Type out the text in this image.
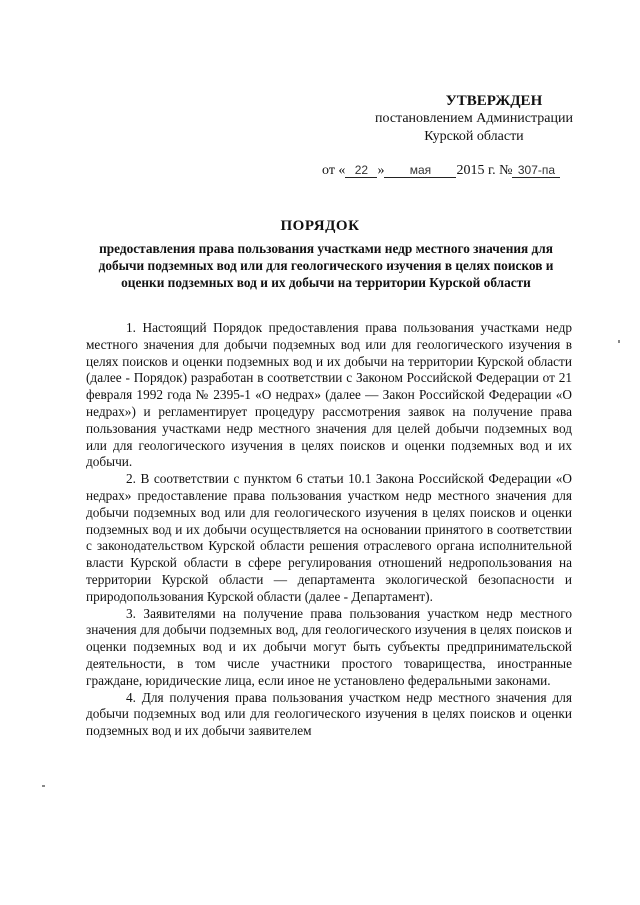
УТВЕРЖДЕН
постановлением Администрации
Курской области
от « 22 » мая 2015 г. № 307-па
ПОРЯДОК
предоставления права пользования участками недр местного значения для добычи подземных вод или для геологического изучения в целях поисков и оценки подземных вод и их добычи на территории Курской области

1. Настоящий Порядок предоставления права пользования участками недр местного значения для добычи подземных вод или для геологического изучения в целях поисков и оценки подземных вод и их добычи на территории Курской области (далее - Порядок) разработан в соответствии с Законом Российской Федерации от 21 февраля 1992 года № 2395-1 «О недрах» (далее — Закон Российской Федерации «О недрах») и регламентирует процедуру рассмотрения заявок на получение права пользования участками недр местного значения для целей добычи подземных вод или для геологического изучения в целях поисков и оценки подземных вод и их добычи.

2. В соответствии с пунктом 6 статьи 10.1 Закона Российской Федерации «О недрах» предоставление права пользования участком недр местного значения для добычи подземных вод или для геологического изучения в целях поисков и оценки подземных вод и их добычи осуществляется на основании принятого в соответствии с законодательством Курской области решения отраслевого органа исполнительной власти Курской области в сфере регулирования отношений недропользования на территории Курской области — департамента экологической безопасности и природопользования Курской области (далее - Департамент).

3. Заявителями на получение права пользования участком недр местного значения для добычи подземных вод, для геологического изучения в целях поисков и оценки подземных вод и их добычи могут быть субъекты предпринимательской деятельности, в том числе участники простого товарищества, иностранные граждане, юридические лица, если иное не установлено федеральными законами.

4. Для получения права пользования участком недр местного значения для добычи подземных вод или для геологического изучения в целях поисков и оценки подземных вод и их добычи заявителем
